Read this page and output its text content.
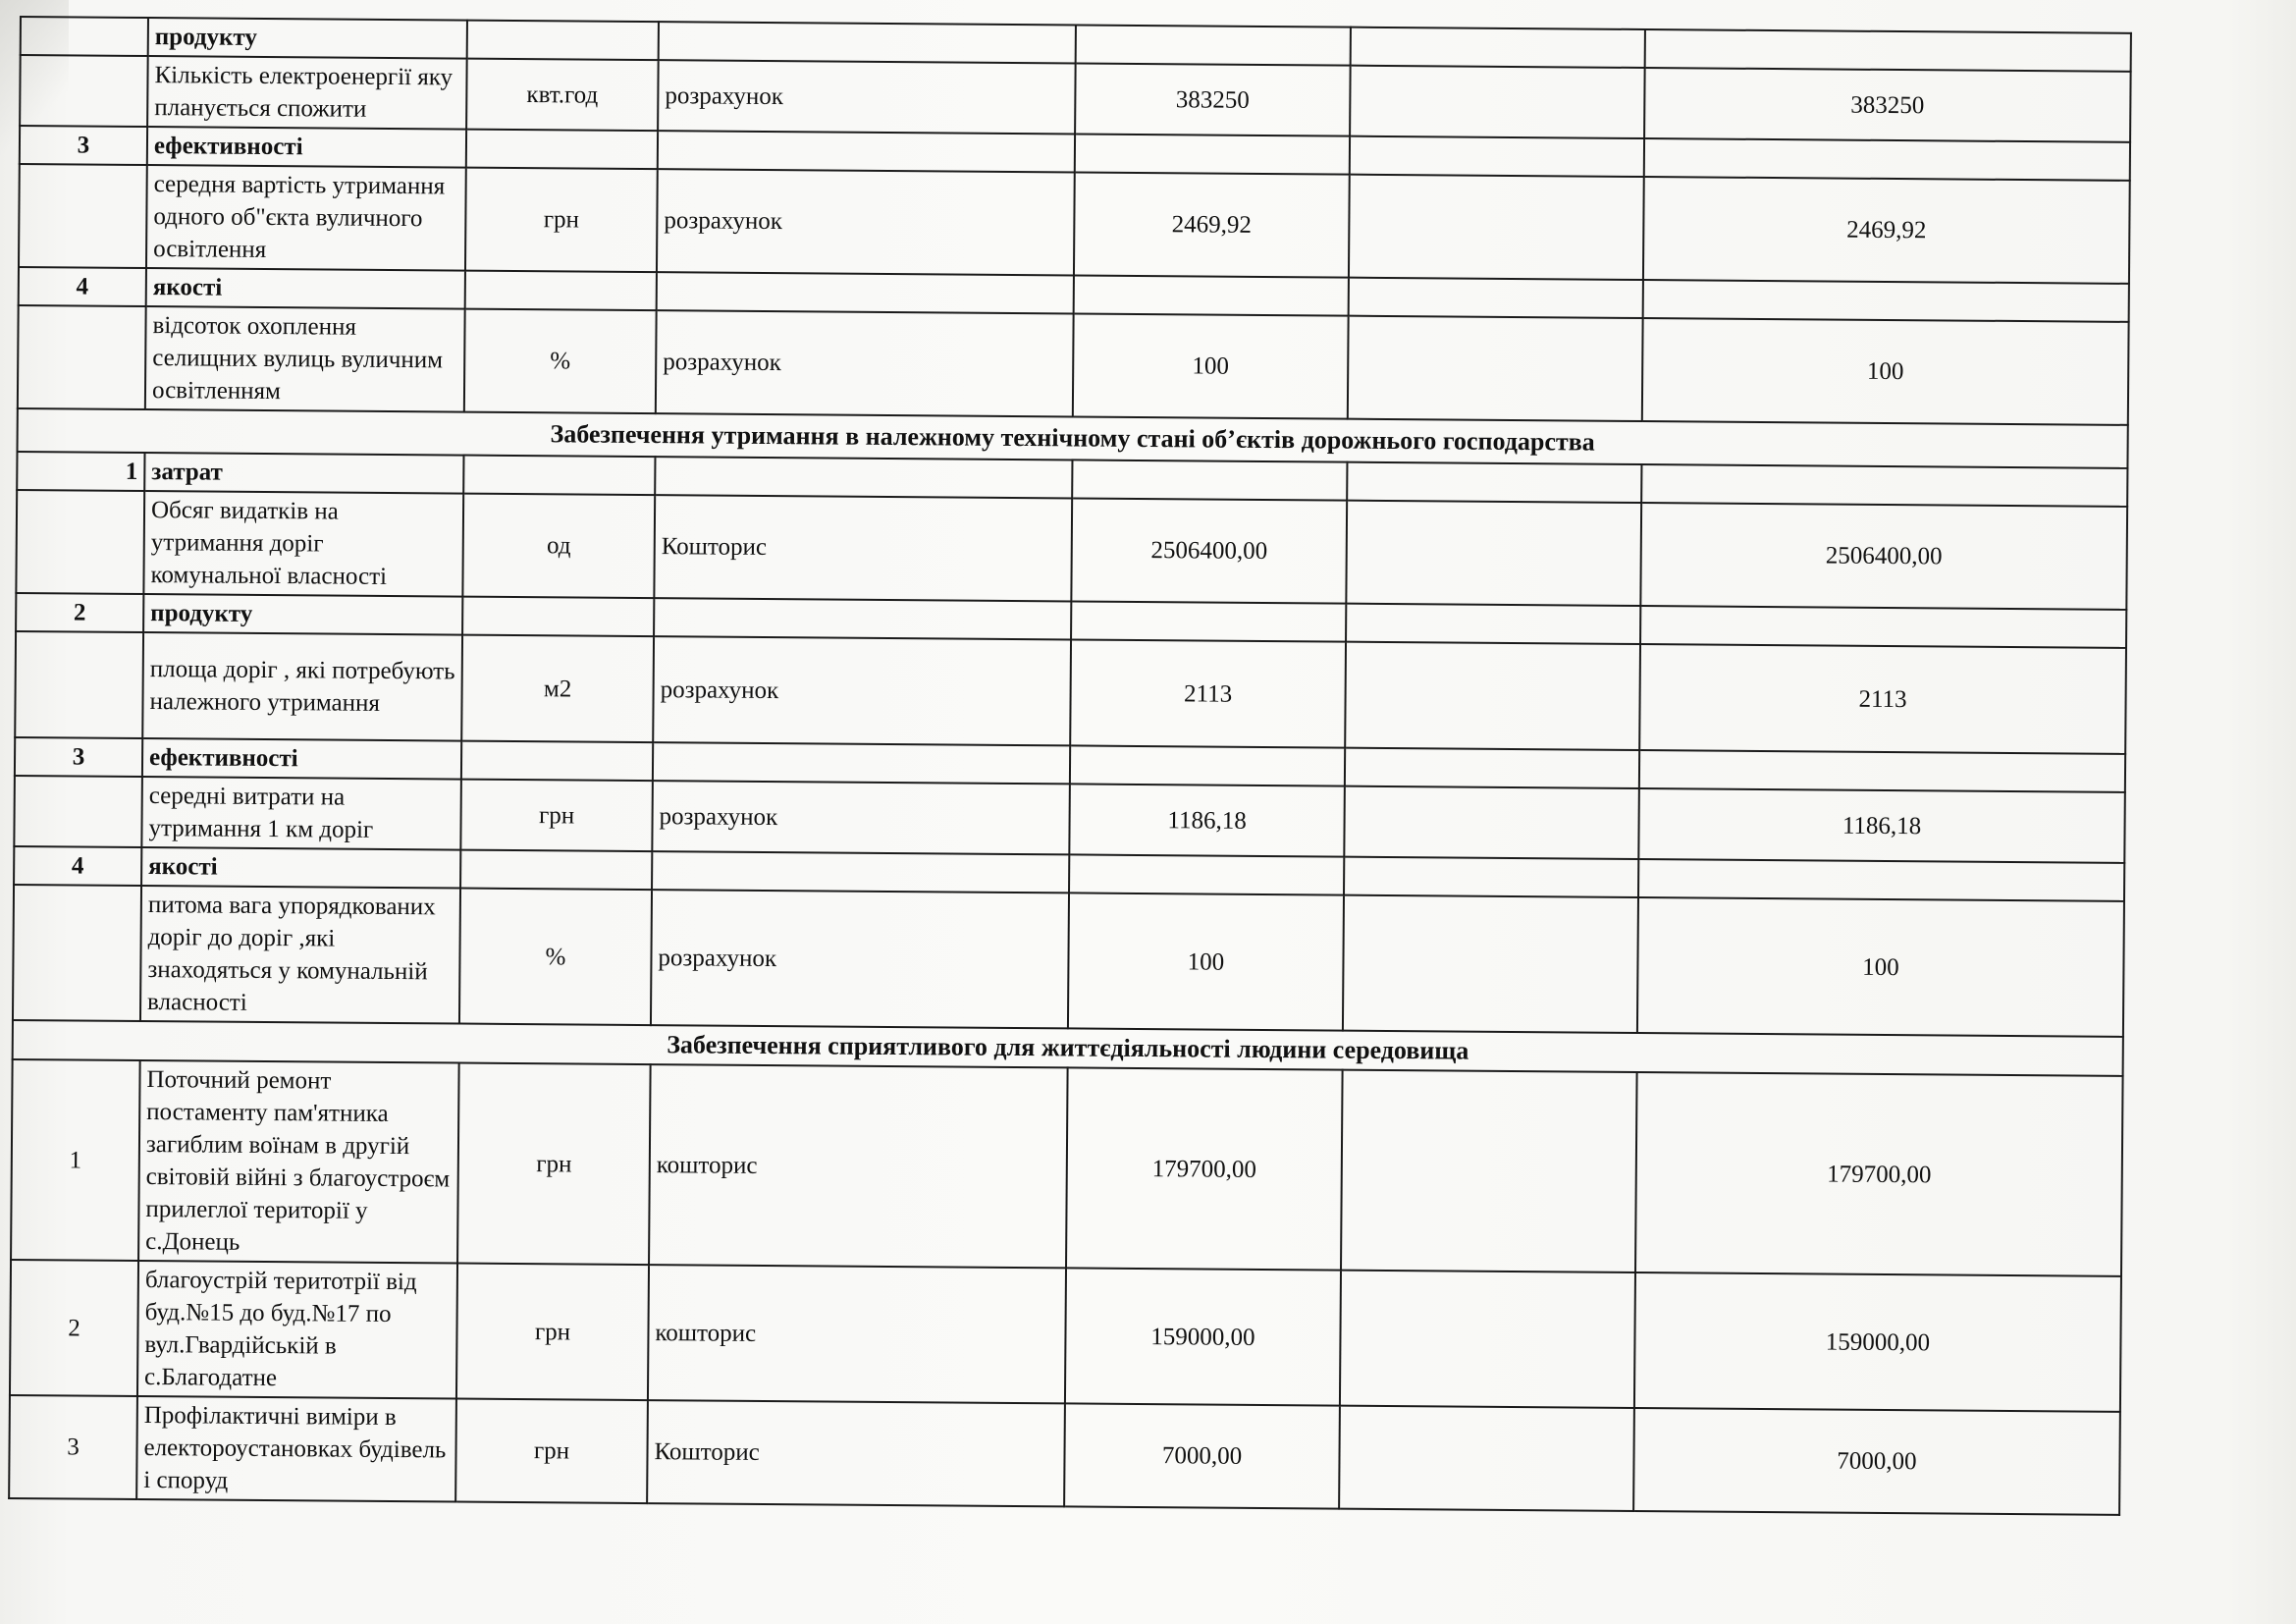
	продукту					
	Кількість електроенергії яку планується спожити	квт.год	розрахунок	383250		383250
3	ефективності					
	середня вартість утримання одного об"єкта вуличного освітлення	грн	розрахунок	2469,92		2469,92
4	якості					
	відсоток охоплення селищних вулиць вуличним освітленням	%	розрахунок	100		100
Забезпечення утримання в належному технічному стані об’єктів дорожнього господарства						
1	затрат					
	Обсяг видатків на утримання доріг комунальної власності	од	Кошторис	2506400,00		2506400,00
2	продукту					
	площа доріг , які потребують належного утримання	м2	розрахунок	2113		2113
3	ефективності					
	середні витрати на утримання 1 км доріг	грн	розрахунок	1186,18		1186,18
4	якості					
	питома вага упорядкованих доріг до доріг ,які знаходяться у комунальній власності	%	розрахунок	100		100
Забезпечення сприятливого для життєдіяльності людини середовища						
1	Поточний ремонт постаменту пам'ятника загиблим воїнам в другій світовій війні з благоустроєм прилеглої території у с.Донець	грн	кошторис	179700,00		179700,00
2	благоустрій теритотрії від буд.№15 до буд.№17 по вул.Гвардійській в с.Благодатне	грн	кошторис	159000,00		159000,00
3	Профілактичні виміри в електороустановках будівель і споруд	грн	Кошторис	7000,00		7000,00
